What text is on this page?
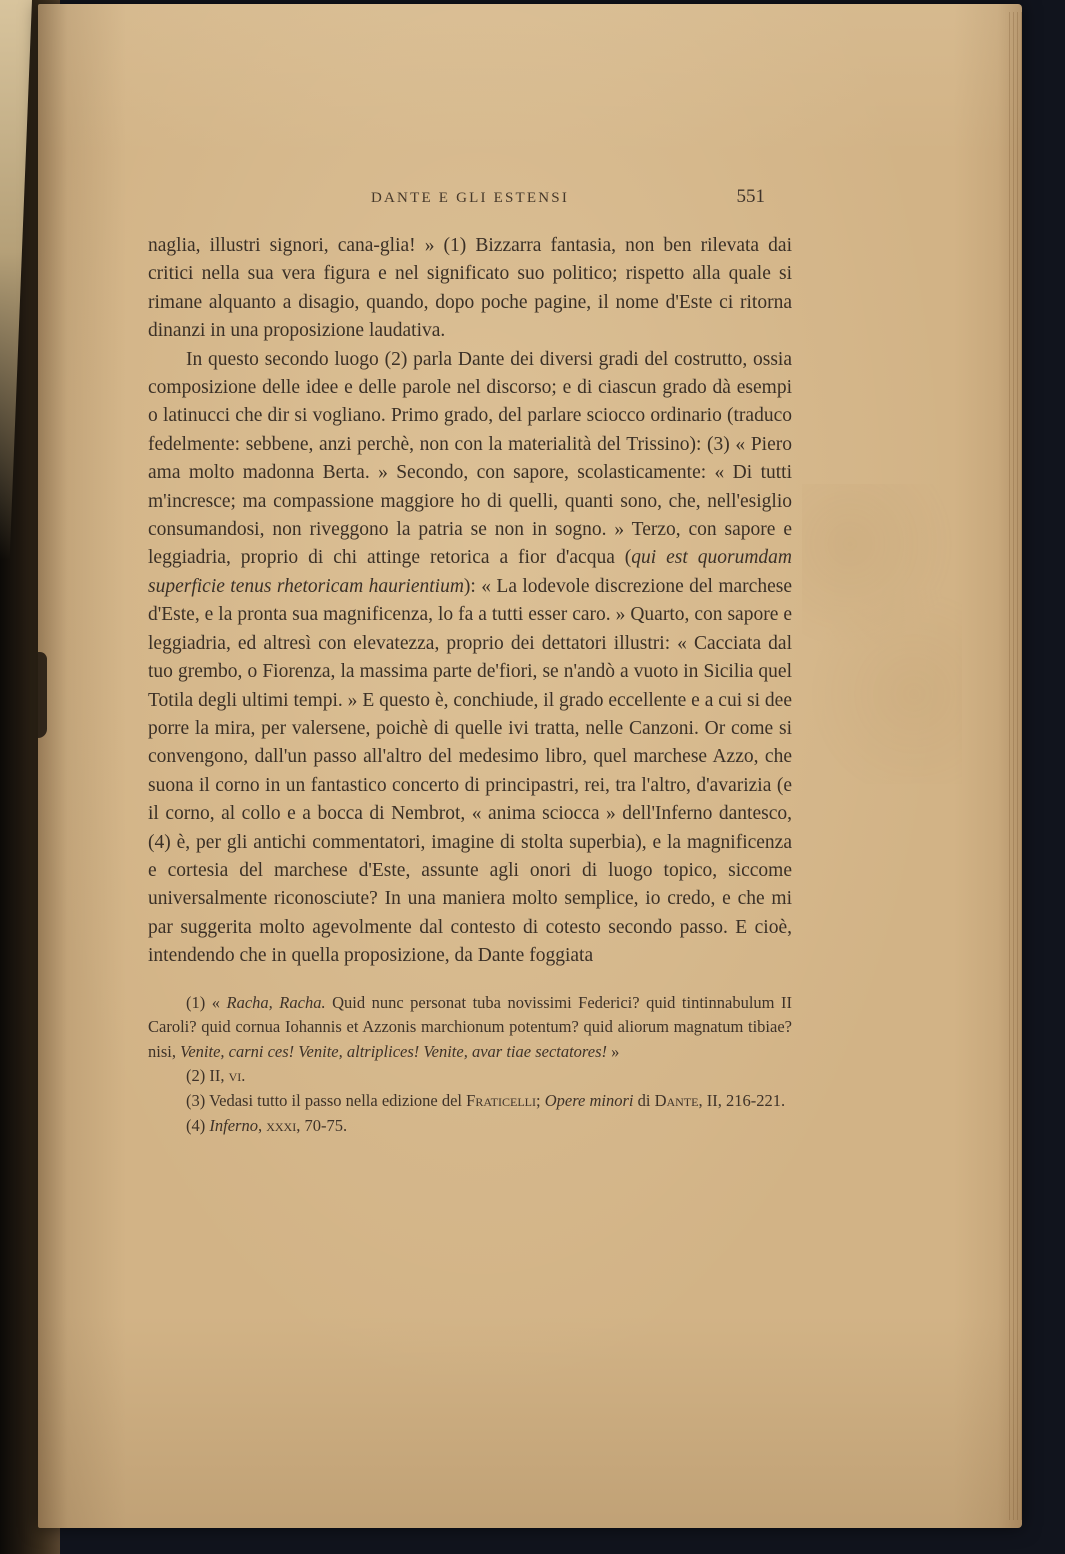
DANTE E GLI ESTENSI	551

naglia, illustri signori, cana-glia! » (1) Bizzarra fantasia, non ben rilevata dai critici nella sua vera figura e nel significato suo politico; rispetto alla quale si rimane alquanto a disagio, quando, dopo poche pagine, il nome d'Este ci ritorna dinanzi in una proposizione laudativa.

In questo secondo luogo (2) parla Dante dei diversi gradi del costrutto, ossia composizione delle idee e delle parole nel discorso; e di ciascun grado dà esempi o latinucci che dir si vogliano. Primo grado, del parlare sciocco ordinario (traduco fedelmente: sebbene, anzi perchè, non con la materialità del Trissino): (3) « Piero ama molto madonna Berta. » Secondo, con sapore, scolasticamente: « Di tutti m'incresce; ma compassione maggiore ho di quelli, quanti sono, che, nell'esiglio consumandosi, non riveggono la patria se non in sogno. » Terzo, con sapore e leggiadria, proprio di chi attinge retorica a fior d'acqua (qui est quorumdam superficie tenus rhetoricam haurientium): « La lodevole discrezione del marchese d'Este, e la pronta sua magnificenza, lo fa a tutti esser caro. » Quarto, con sapore e leggiadria, ed altresì con elevatezza, proprio dei dettatori illustri: « Cacciata dal tuo grembo, o Fiorenza, la massima parte de'fiori, se n'andò a vuoto in Sicilia quel Totila degli ultimi tempi. » E questo è, conchiude, il grado eccellente e a cui si dee porre la mira, per valersene, poichè di quelle ivi tratta, nelle Canzoni. Or come si convengono, dall'un passo all'altro del medesimo libro, quel marchese Azzo, che suona il corno in un fantastico concerto di principastri, rei, tra l'altro, d'avarizia (e il corno, al collo e a bocca di Nembrot, « anima sciocca » dell'Inferno dantesco, (4) è, per gli antichi commentatori, imagine di stolta superbia), e la magnificenza e cortesia del marchese d'Este, assunte agli onori di luogo topico, siccome universalmente riconosciute? In una maniera molto semplice, io credo, e che mi par suggerita molto agevolmente dal contesto di cotesto secondo passo. E cioè, intendendo che in quella proposizione, da Dante foggiata

(1) « Racha, Racha. Quid nunc personat tuba novissimi Federici? quid tintinnabulum II Caroli? quid cornua Iohannis et Azzonis marchionum potentum? quid aliorum magnatum tibiae? nisi, Venite, carni ces! Venite, altriplices! Venite, avar tiae sectatores! »

(2) II, vi.

(3) Vedasi tutto il passo nella edizione del Fraticelli; Opere minori di Dante, II, 216-221.

(4) Inferno, xxxi, 70-75.
